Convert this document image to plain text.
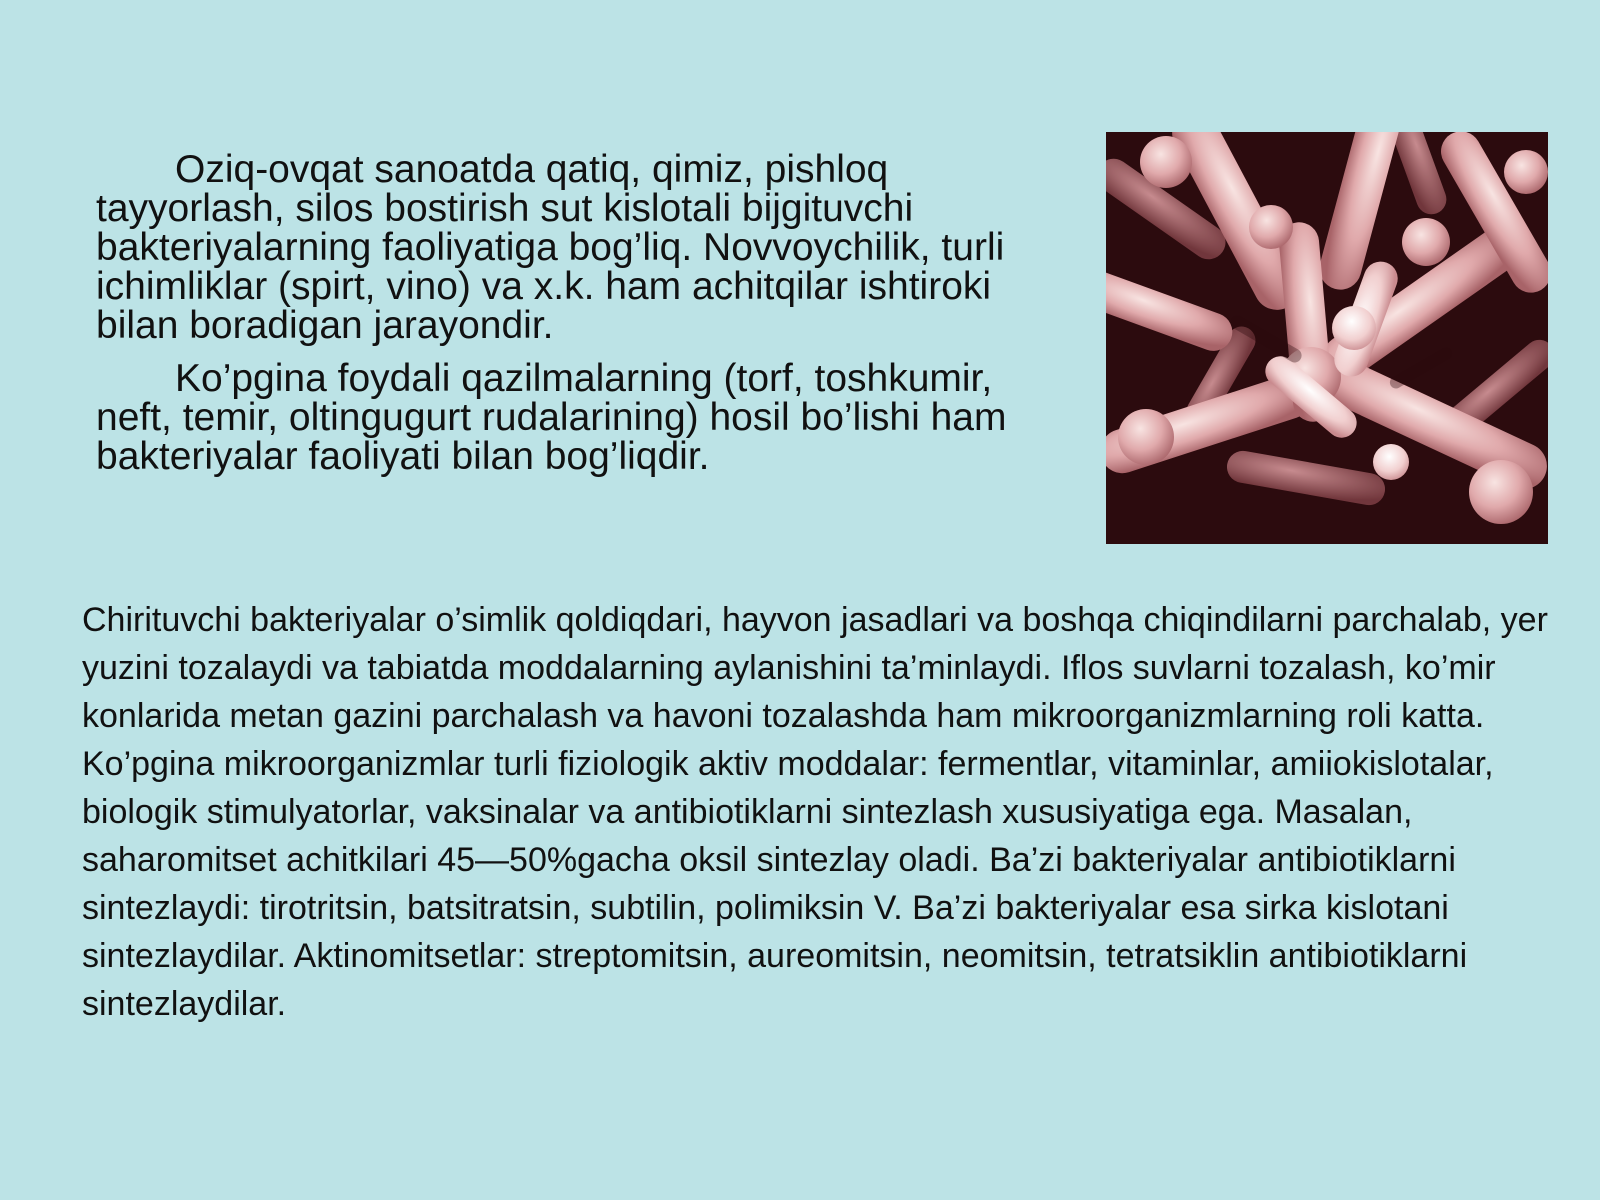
Oziq-ovqat sanoatda qatiq, qimiz, pishloq tayyorlash, silos bostirish sut kislotali bijgituvchi bakteriyalarning faoliyatiga bog’liq. Novvoychilik, turli ichimliklar (spirt, vino) va x.k. ham achitqilar ishtiroki bilan boradigan jarayondir.

Ko’pgina foydali qazilmalarning (torf, toshkumir, neft, temir, oltingugurt rudalarining) hosil bo’lishi ham bakteriyalar faoliyati bilan bog’liqdir.

Chirituvchi bakteriyalar o’simlik qoldiqdari, hayvon jasadlari va boshqa chiqindilarni parchalab, yer yuzini tozalaydi va tabiatda moddalarning aylanishini ta’minlaydi. Iflos suvlarni tozalash, ko’mir konlarida metan gazini parchalash va havoni tozalashda ham mikroorganizmlarning roli katta. Ko’pgina mikroorganizmlar turli fiziologik aktiv moddalar: fermentlar, vitaminlar, amiiokislotalar, biologik stimulyatorlar, vaksinalar va antibiotiklarni sintezlash xususiyatiga ega. Masalan, saharomitset achitkilari 45—50%gacha oksil sintezlay oladi. Ba’zi bakteriyalar antibiotiklarni sintezlaydi: tirotritsin, batsitratsin, subtilin, polimiksin V. Ba’zi bakteriyalar esa sirka kislotani sintezlaydilar. Aktinomitsetlar: streptomitsin, aureomitsin, neomitsin, tetratsiklin antibiotiklarni sintezlaydilar.
